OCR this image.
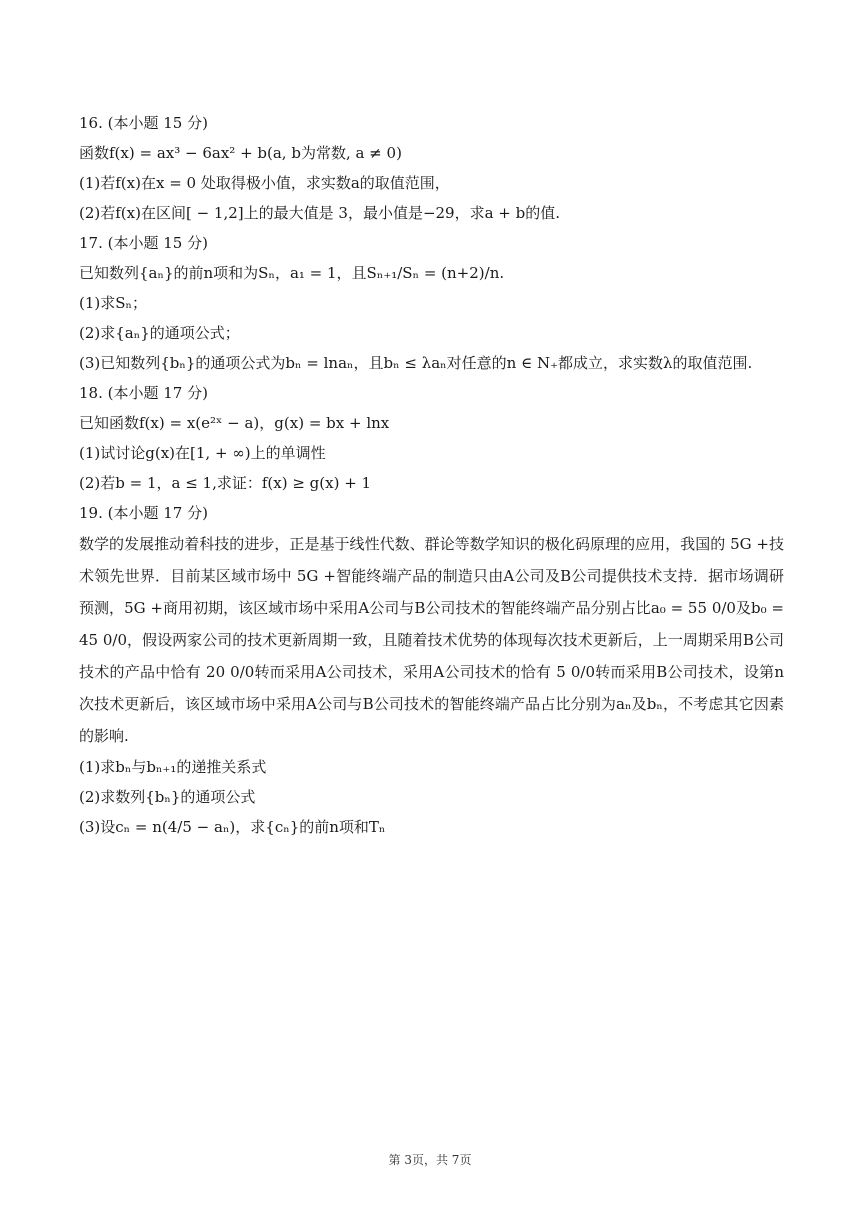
16. (本小题 15 分)
函数f(x) = ax³ − 6ax² + b(a, b为常数, a ≠ 0)
(1)若f(x)在x = 0 处取得极小值，求实数a的取值范围，
(2)若f(x)在区间[ − 1,2]上的最大值是 3，最小值是−29，求a + b的值.
17. (本小题 15 分)
已知数列{aₙ}的前n项和为Sₙ，a₁ = 1，且Sₙ₊₁/Sₙ = (n+2)/n.
(1)求Sₙ；
(2)求{aₙ}的通项公式；
(3)已知数列{bₙ}的通项公式为bₙ = lnaₙ，且bₙ ≤ λaₙ对任意的n ∈ N₊都成立，求实数λ的取值范围.
18. (本小题 17 分)
已知函数f(x) = x(e²ˣ − a)，g(x) = bx + lnx
(1)试讨论g(x)在[1, + ∞)上的单调性
(2)若b = 1，a ≤ 1,求证：f(x) ≥ g(x) + 1
19. (本小题 17 分)
数学的发展推动着科技的进步，正是基于线性代数、群论等数学知识的极化码原理的应用，我国的 5G +技术领先世界．目前某区域市场中 5G +智能终端产品的制造只由A公司及B公司提供技术支持．据市场调研预测，5G +商用初期，该区域市场中采用A公司与B公司技术的智能终端产品分别占比a₀ = 55 0/0及b₀ = 45 0/0，假设两家公司的技术更新周期一致，且随着技术优势的体现每次技术更新后，上一周期采用B公司技术的产品中恰有 20 0/0转而采用A公司技术，采用A公司技术的恰有 5 0/0转而采用B公司技术，设第n次技术更新后，该区域市场中采用A公司与B公司技术的智能终端产品占比分别为aₙ及bₙ，不考虑其它因素的影响.
(1)求bₙ与bₙ₊₁的递推关系式
(2)求数列{bₙ}的通项公式
(3)设cₙ = n(4/5 − aₙ)，求{cₙ}的前n项和Tₙ
第 3页，共 7页
